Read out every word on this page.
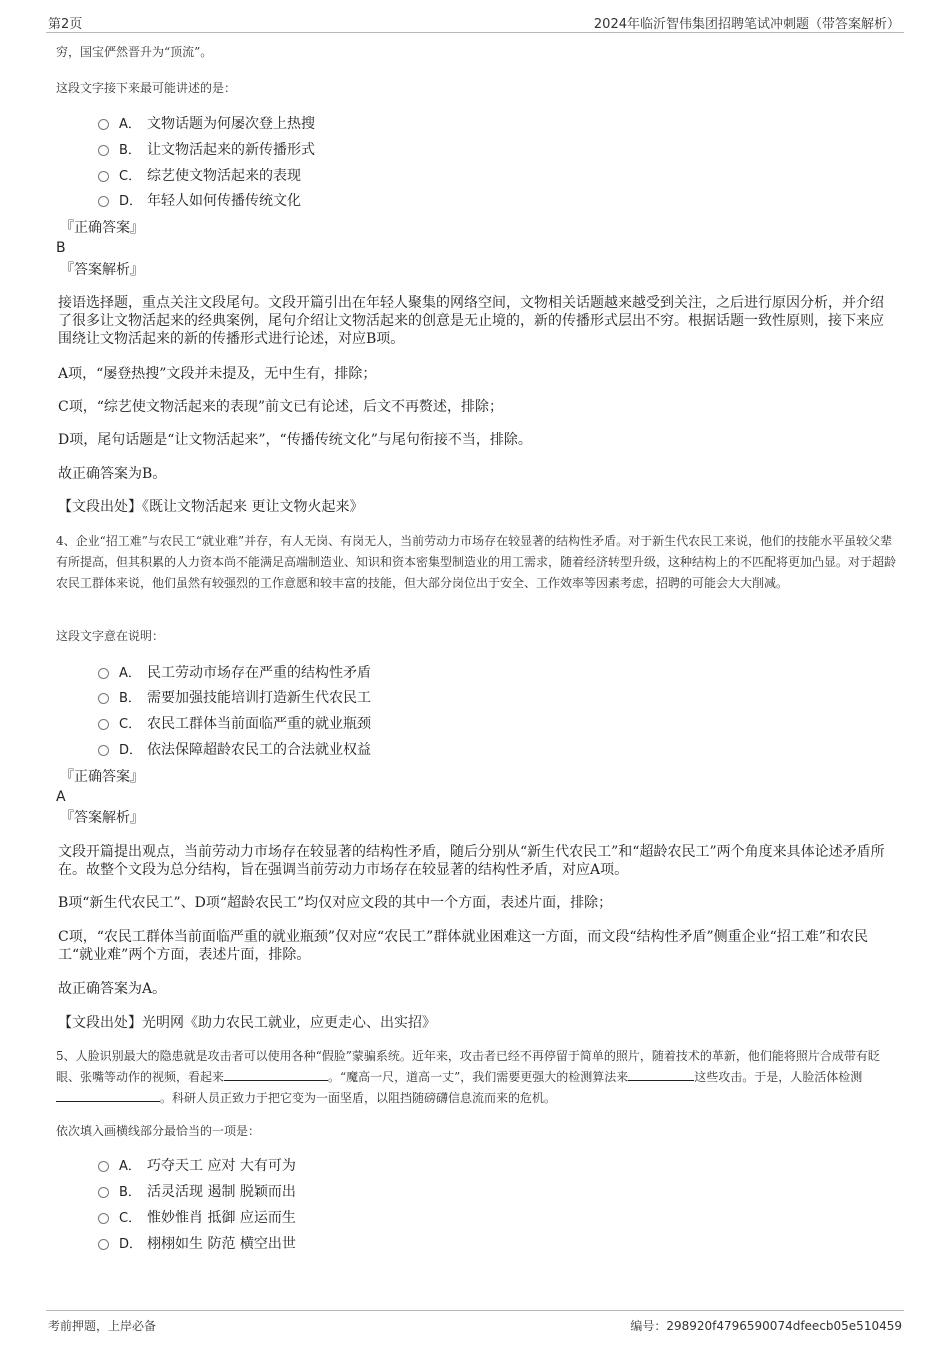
第2页	2024年临沂智伟集团招聘笔试冲刺题（带答案解析）
穷，国宝俨然晋升为“顶流”。
这段文字接下来最可能讲述的是：
A． 文物话题为何屡次登上热搜
B． 让文物活起来的新传播形式
C． 综艺使文物活起来的表现
D． 年轻人如何传播传统文化
『正确答案』
B
『答案解析』
接语选择题，重点关注文段尾句。文段开篇引出在年轻人聚集的网络空间，文物相关话题越来越受到关注，之后进行原因分析，并介绍了很多让文物活起来的经典案例，尾句介绍让文物活起来的创意是无止境的，新的传播形式层出不穷。根据话题一致性原则，接下来应围绕让文物活起来的新的传播形式进行论述，对应B项。
A项，“屡登热搜”文段并未提及，无中生有，排除；
C项，“综艺使文物活起来的表现”前文已有论述，后文不再赘述，排除；
D项，尾句话题是“让文物活起来”，“传播传统文化”与尾句衔接不当，排除。
故正确答案为B。
【文段出处】《既让文物活起来 更让文物火起来》
4、企业“招工难”与农民工“就业难”并存，有人无岗、有岗无人，当前劳动力市场存在较显著的结构性矛盾。对于新生代农民工来说，他们的技能水平虽较父辈有所提高，但其积累的人力资本尚不能满足高端制造业、知识和资本密集型制造业的用工需求，随着经济转型升级，这种结构上的不匹配将更加凸显。对于超龄农民工群体来说，他们虽然有较强烈的工作意愿和较丰富的技能，但大部分岗位出于安全、工作效率等因素考虑，招聘的可能会大大削减。
这段文字意在说明：
A． 民工劳动市场存在严重的结构性矛盾
B． 需要加强技能培训打造新生代农民工
C． 农民工群体当前面临严重的就业瓶颈
D． 依法保障超龄农民工的合法就业权益
『正确答案』
A
『答案解析』
文段开篇提出观点，当前劳动力市场存在较显著的结构性矛盾，随后分别从“新生代农民工”和“超龄农民工”两个角度来具体论述矛盾所在。故整个文段为总分结构，旨在强调当前劳动力市场存在较显著的结构性矛盾，对应A项。
B项“新生代农民工”、D项“超龄农民工”均仅对应文段的其中一个方面，表述片面，排除；
C项，“农民工群体当前面临严重的就业瓶颈”仅对应“农民工”群体就业困难这一方面，而文段“结构性矛盾”侧重企业“招工难”和农民工“就业难”两个方面，表述片面，排除。
故正确答案为A。
【文段出处】光明网《助力农民工就业，应更走心、出实招》
5、人脸识别最大的隐患就是攻击者可以使用各种“假脸”蒙骗系统。近年来，攻击者已经不再停留于简单的照片，随着技术的革新，他们能将照片合成带有眨眼、张嘴等动作的视频，看起来	。“魔高一尺，道高一丈”，我们需要更强大的检测算法来	这些攻击。于是，人脸活体检测。科研人员正致力于把它变为一面坚盾，以阻挡随磅礴信息流而来的危机。
依次填入画横线部分最恰当的一项是：
A． 巧夺天工 应对 大有可为
B． 活灵活现 遏制 脱颖而出
C． 惟妙惟肖 抵御 应运而生
D． 栩栩如生 防范 横空出世
考前押题，上岸必备	编号：298920f4796590074dfeecb05e510459
